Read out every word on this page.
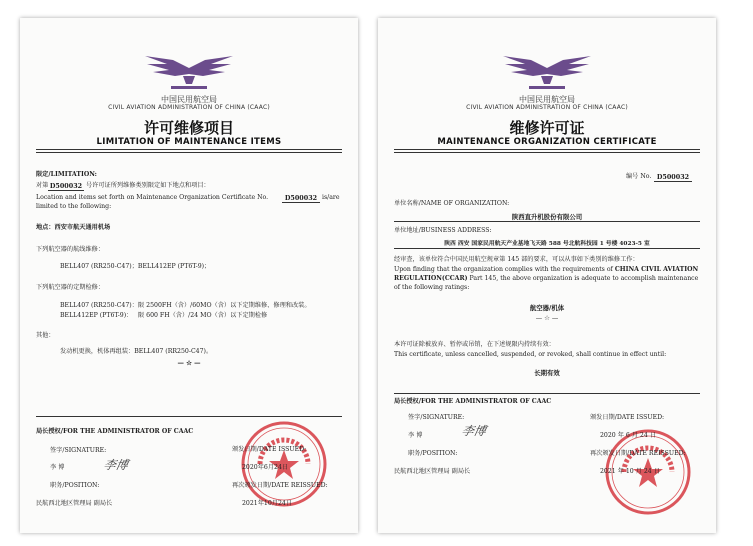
中国民用航空局
CIVIL AVIATION ADMINISTRATION OF CHINA (CAAC)
许可维修项目
LIMITATION OF MAINTENANCE ITEMS
限定/LIMITATION:
对第 D500032 号许可证所列维修类别限定如下地点和项目：
Location and items set forth on Maintenance Organization Certificate No.	D500032 is/are
limited to the following:
地点：西安市航天通用机场
下列航空器的航线维修：
BELL407 (RR250-C47)；BELL412EP (PT6T-9)；
下列航空器的定期检修：
BELL407 (RR250-C47)： 限 2500FH（含）/60MO（含）以下定期维修、修理和改装。
BELL412EP (PT6T-9)： 限 600 FH（含）/24 MO（含）以下定期检修
其他：
发动机更换，机体再组装：BELL407 (RR250-C47)。
— ☆ —
局长授权/FOR THE ADMINISTRATOR OF CAAC
签字/SIGNATURE:
李 博	李博
职务/POSITION:
民航西北地区管理局 副局长
颁发日期/DATE ISSUED:
2020年6月24日
再次颁发日期/DATE REISSUED:
2021年10月24日
中国民用航空局
CIVIL AVIATION ADMINISTRATION OF CHINA (CAAC)
维修许可证
MAINTENANCE ORGANIZATION CERTIFICATE
编号 No. D500032
单位名称/NAME OF ORGANIZATION:
陕西直升机股份有限公司
单位地址/BUSINESS ADDRESS:
陕西 西安 国家民用航天产业基地飞天路 588 号北航科技园 1 号楼 4023-5 室
经审查，该单位符合中国民用航空规章第 145 部的要求，可以从事如下类别的维修工作：
Upon finding that the organization complies with the requirements of CHINA CIVIL AVIATION
REGULATION(CCAR) Part 145, the above organization is adequate to accomplish maintenance
of the following ratings:
航空器/机体
— ☆ —
本许可证除被放弃、暂停或吊销，在下述规限内持续有效：
This certificate, unless cancelled, suspended, or revoked, shall continue in effect until:
长期有效
局长授权/FOR THE ADMINISTRATOR OF CAAC
签字/SIGNATURE:
李 博	李博
职务/POSITION:
民航西北地区管理局 副局长
颁发日期/DATE ISSUED:
2020 年 6 月 24 日
再次颁发日期/DATE REISSUED:
2021 年 10 月 24 日
